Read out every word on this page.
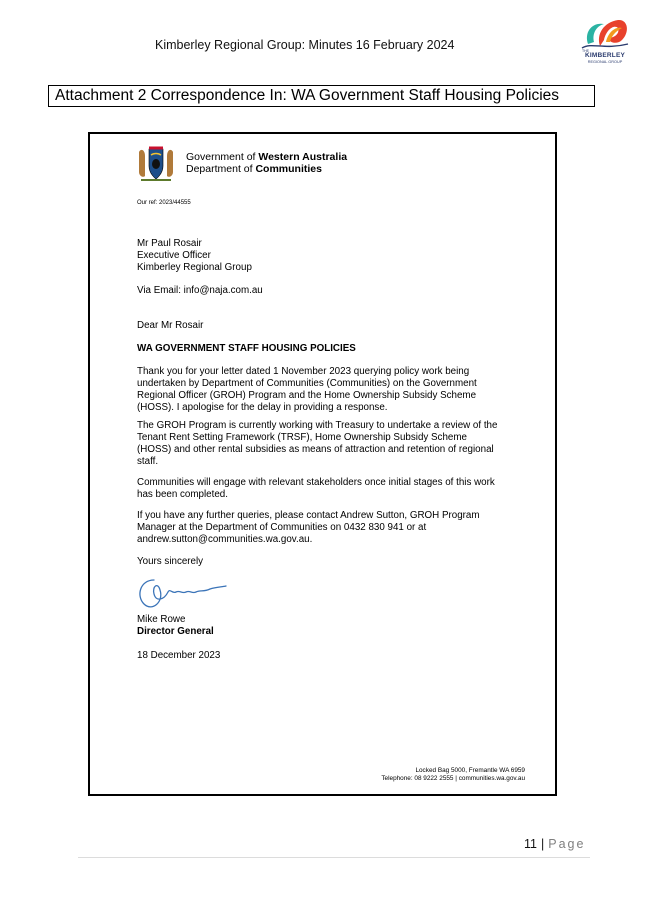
Kimberley Regional Group: Minutes 16 February 2024	THE
KIMBERLEY
REGIONAL GROUP
Attachment 2 Correspondence In: WA Government Staff Housing Policies
Government of Western Australia
Department of Communities
Our ref: 2023/44555
Mr Paul Rosair
Executive Officer
Kimberley Regional Group
Via Email: info@naja.com.au
Dear Mr Rosair
WA GOVERNMENT STAFF HOUSING POLICIES
Thank you for your letter dated 1 November 2023 querying policy work being
undertaken by Department of Communities (Communities) on the Government
Regional Officer (GROH) Program and the Home Ownership Subsidy Scheme
(HOSS). I apologise for the delay in providing a response.
The GROH Program is currently working with Treasury to undertake a review of the
Tenant Rent Setting Framework (TRSF), Home Ownership Subsidy Scheme
(HOSS) and other rental subsidies as means of attraction and retention of regional
staff.
Communities will engage with relevant stakeholders once initial stages of this work
has been completed.
If you have any further queries, please contact Andrew Sutton, GROH Program
Manager at the Department of Communities on 0432 830 941 or at
andrew.sutton@communities.wa.gov.au.
Yours sincerely
Mike Rowe
Director General
18 December 2023
Locked Bag 5000, Fremantle WA 6959
Telephone: 08 9222 2555 | communities.wa.gov.au
11 | Page
